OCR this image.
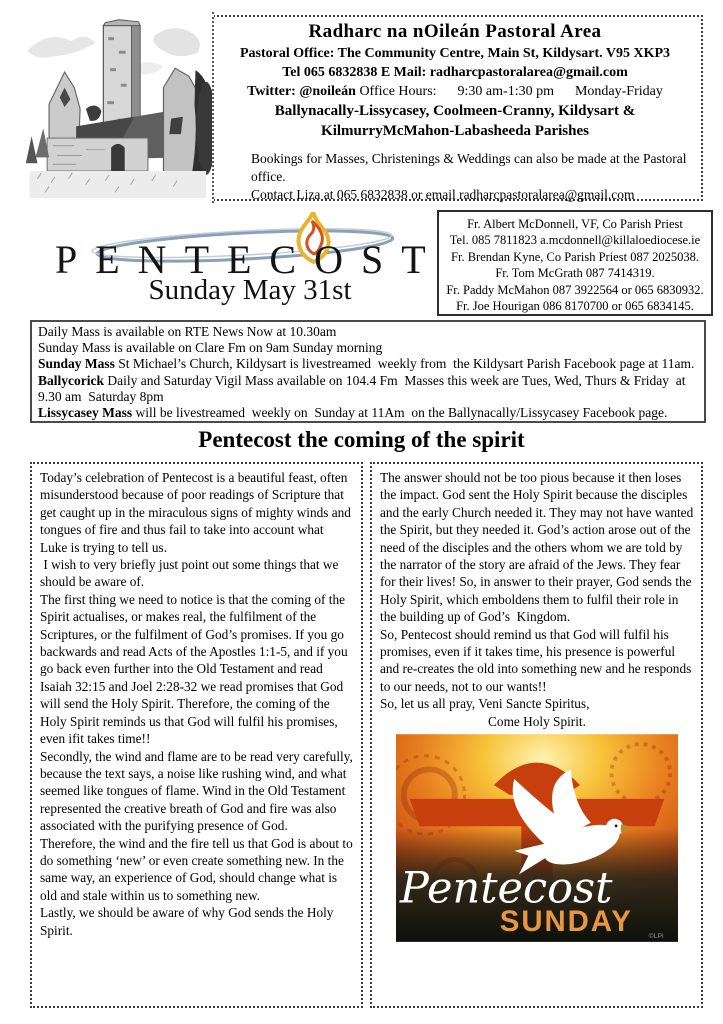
Radharc na nOileán Pastoral Area
Pastoral Office: The Community Centre, Main St, Kildysart. V95 XKP3
Tel 065 6832838 E Mail: radharcpastoralarea@gmail.com
Twitter: @noileán Office Hours:      9:30 am-1:30 pm      Monday-Friday
Ballynacally-Lissycasey, Coolmeen-Cranny, Kildysart &
KilmurryMcMahon-Labasheeda Parishes
Bookings for Masses, Christenings & Weddings can also be made at the Pastoral office.
Contact Liza at 065 6832838 or email radharcpastoralarea@gmail.com
PENTECOST
Sunday May 31st
Fr. Albert McDonnell, VF, Co Parish Priest
Tel. 085 7811823 a.mcdonnell@killaloediocese.ie
Fr. Brendan Kyne, Co Parish Priest 087 2025038.
Fr. Tom McGrath 087 7414319.
Fr. Paddy McMahon 087 3922564 or 065 6830932.
Fr. Joe Hourigan 086 8170700 or 065 6834145.
Daily Mass is available on RTE News Now at 10.30am
Sunday Mass is available on Clare Fm on 9am Sunday morning
Sunday Mass St Michael’s Church, Kildysart is livestreamed  weekly from  the Kildysart Parish Facebook page at 11am.
Ballycorick Daily and Saturday Vigil Mass available on 104.4 Fm  Masses this week are Tues, Wed, Thurs & Friday  at 9.30 am  Saturday 8pm
Lissycasey Mass will be livestreamed  weekly on  Sunday at 11Am  on the Ballynacally/Lissycasey Facebook page.
Pentecost the coming of the spirit

Today’s celebration of Pentecost is a beautiful feast, often misunderstood because of poor readings of Scripture that get caught up in the miraculous signs of mighty winds and tongues of fire and thus fail to take into account what Luke is trying to tell us.

I wish to very briefly just point out some things that we should be aware of.

The first thing we need to notice is that the coming of the Spirit actualises, or makes real, the fulfilment of the Scriptures, or the fulfilment of God’s promises. If you go backwards and read Acts of the Apostles 1:1-5, and if you go back even further into the Old Testament and read Isaiah 32:15 and Joel 2:28-32 we read promises that God will send the Holy Spirit. Therefore, the coming of the Holy Spirit reminds us that God will fulfil his promises, even ifit takes time!!

Secondly, the wind and flame are to be read very carefully, because the text says, a noise like rushing wind, and what seemed like tongues of flame. Wind in the Old Testament represented the creative breath of God and fire was also associated with the purifying presence of God.

Therefore, the wind and the fire tell us that God is about to do something ‘new’ or even create something new. In the same way, an experience of God, should change what is old and stale within us to something new.

Lastly, we should be aware of why God sends the Holy Spirit.

The answer should not be too pious because it then loses the impact. God sent the Holy Spirit because the disciples and the early Church needed it. They may not have wanted the Spirit, but they needed it. God’s action arose out of the need of the disciples and the others whom we are told by the narrator of the story are afraid of the Jews. They fear for their lives! So, in answer to their prayer, God sends the Holy Spirit, which emboldens them to fulfil their role in the building up of God’s  Kingdom.

So, Pentecost should remind us that God will fulfil his promises, even if it takes time, his presence is powerful and re-creates the old into something new and he responds to our needs, not to our wants!!

So, let us all pray, Veni Sancte Spiritus,

Come Holy Spirit.

Pentecost
SUNDAY ©LPi
